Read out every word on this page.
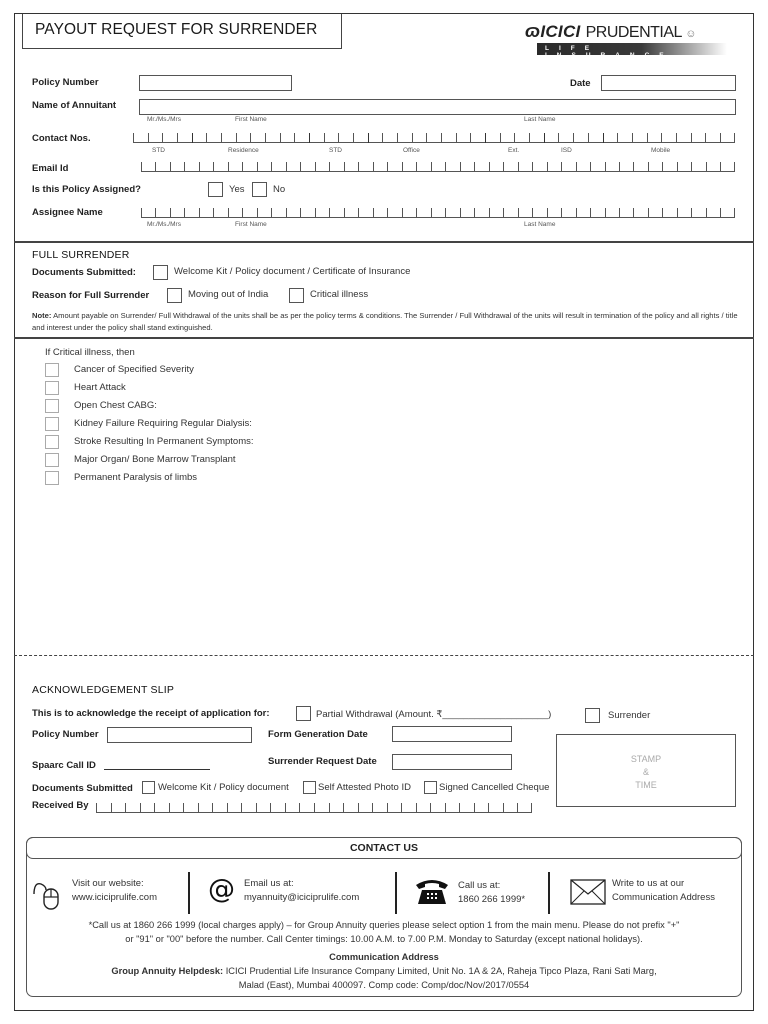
PAYOUT REQUEST FOR SURRENDER	ɷICICI PRUDENTIAL ☺
LIFE INSURANCE
Policy Number	Date
Name of Annuitant
Mr./Ms./Mrs	First Name	Last Name
Contact Nos.
STD	Residence	STD	Office	Ext.	ISD	Mobile
Email Id
Is this Policy Assigned?	Yes	No
Assignee Name
Mr./Ms./Mrs	First Name	Last Name
FULL SURRENDER
Documents Submitted:	Welcome Kit / Policy document / Certificate of Insurance
Reason for Full Surrender	Moving out of India	Critical illness
Note: Amount payable on Surrender/ Full Withdrawal of the units shall be as per the policy terms & conditions. The Surrender / Full Withdrawal of the units will result in termination of the policy and all rights / title and interest under the policy shall stand extinguished.
If Critical illness, then
Cancer of Specified Severity
Heart Attack
Open Chest CABG:
Kidney Failure Requiring Regular Dialysis:
Stroke Resulting In Permanent Symptoms:
Major Organ/ Bone Marrow Transplant
Permanent Paralysis of limbs
ACKNOWLEDGEMENT SLIP
This is to acknowledge the receipt of application for:	Partial Withdrawal (Amount. ₹____________________)	Surrender
Policy Number	Form Generation Date
Spaarc Call ID	Surrender Request Date
Documents Submitted	Welcome Kit / Policy document	Self Attested Photo ID	Signed Cancelled Cheque
Received By
STAMP
&
TIME
CONTACT US
Visit our website:
www.iciciprulife.com @ Email us at:
myannuity@iciciprulife.com
Call us at:
1860 266 1999*
Write to us at our
Communication Address
*Call us at 1860 266 1999 (local charges apply) – for Group Annuity queries please select option 1 from the main menu. Please do not prefix "+"
or "91" or "00" before the number. Call Center timings: 10.00 A.M. to 7.00 P.M. Monday to Saturday (except national holidays).
Communication Address
Group Annuity Helpdesk: ICICI Prudential Life Insurance Company Limited, Unit No. 1A & 2A, Raheja Tipco Plaza, Rani Sati Marg,
Malad (East), Mumbai 400097. Comp code: Comp/doc/Nov/2017/0554
